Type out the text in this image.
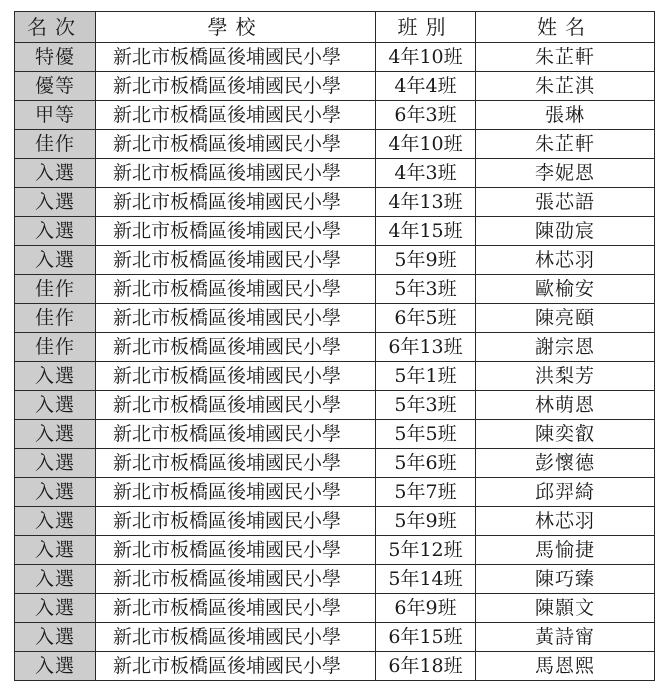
名次	學校	班別	姓名
特優	新北市板橋區後埔國民小學	4年10班	朱芷軒
優等	新北市板橋區後埔國民小學	4年4班	朱芷淇
甲等	新北市板橋區後埔國民小學	6年3班	張琳
佳作	新北市板橋區後埔國民小學	4年10班	朱芷軒
入選	新北市板橋區後埔國民小學	4年3班	李妮恩
入選	新北市板橋區後埔國民小學	4年13班	張芯語
入選	新北市板橋區後埔國民小學	4年15班	陳劭宸
入選	新北市板橋區後埔國民小學	5年9班	林芯羽
佳作	新北市板橋區後埔國民小學	5年3班	歐榆安
佳作	新北市板橋區後埔國民小學	6年5班	陳亮頤
佳作	新北市板橋區後埔國民小學	6年13班	謝宗恩
入選	新北市板橋區後埔國民小學	5年1班	洪梨芳
入選	新北市板橋區後埔國民小學	5年3班	林萌恩
入選	新北市板橋區後埔國民小學	5年5班	陳奕叡
入選	新北市板橋區後埔國民小學	5年6班	彭懷德
入選	新北市板橋區後埔國民小學	5年7班	邱羿綺
入選	新北市板橋區後埔國民小學	5年9班	林芯羽
入選	新北市板橋區後埔國民小學	5年12班	馬愉捷
入選	新北市板橋區後埔國民小學	5年14班	陳巧臻
入選	新北市板橋區後埔國民小學	6年9班	陳顥文
入選	新北市板橋區後埔國民小學	6年15班	黃詩甯
入選	新北市板橋區後埔國民小學	6年18班	馬恩熙
